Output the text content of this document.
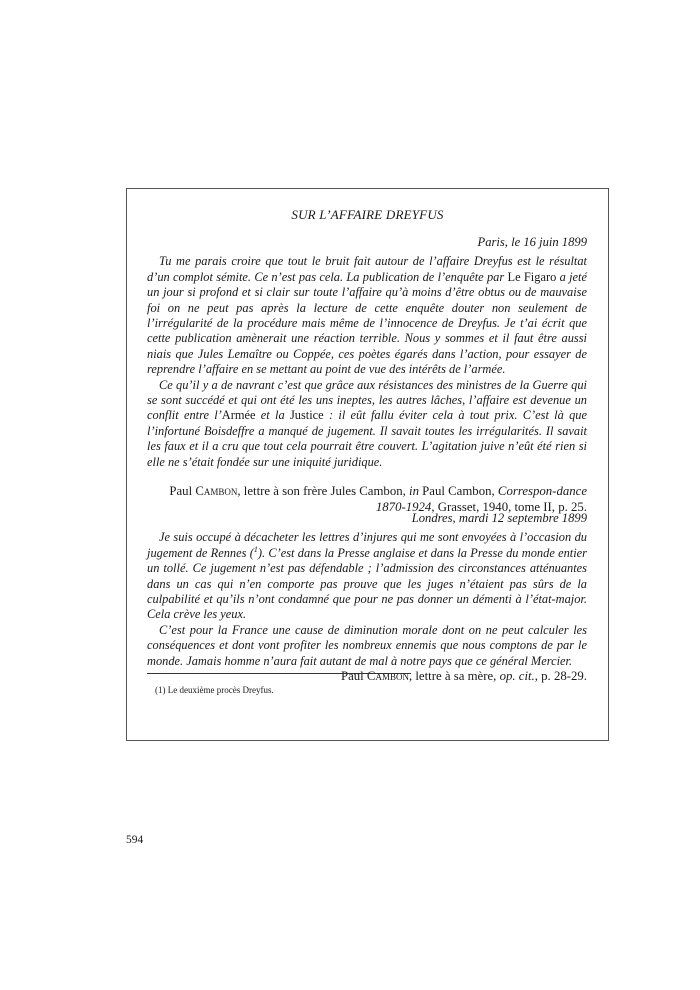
SUR L’AFFAIRE DREYFUS
Paris, le 16 juin 1899

Tu me parais croire que tout le bruit fait autour de l’affaire Dreyfus est le résultat d’un complot sémite. Ce n’est pas cela. La publication de l’enquête par Le Figaro a jeté un jour si profond et si clair sur toute l’affaire qu’à moins d’être obtus ou de mauvaise foi on ne peut pas après la lecture de cette enquête douter non seulement de l’irrégularité de la procédure mais même de l’innocence de Dreyfus. Je t’ai écrit que cette publication amènerait une réaction terrible. Nous y sommes et il faut être aussi niais que Jules Lemaître ou Coppée, ces poètes égarés dans l’action, pour essayer de reprendre l’affaire en se mettant au point de vue des intérêts de l’armée.

Ce qu’il y a de navrant c’est que grâce aux résistances des ministres de la Guerre qui se sont succédé et qui ont été les uns ineptes, les autres lâches, l’affaire est devenue un conflit entre l’Armée et la Justice : il eût fallu éviter cela à tout prix. C’est là que l’infortuné Boisdeffre a manqué de jugement. Il savait toutes les irrégularités. Il savait les faux et il a cru que tout cela pourrait être couvert. L’agitation juive n’eût été rien si elle ne s’était fondée sur une iniquité juridique.

Paul Cambon, lettre à son frère Jules Cambon, in Paul Cambon, Correspon-dance 1870-1924, Grasset, 1940, tome II, p. 25.
Londres, mardi 12 septembre 1899

Je suis occupé à décacheter les lettres d’injures qui me sont envoyées à l’occasion du jugement de Rennes ($^1$). C’est dans la Presse anglaise et dans la Presse du monde entier un tollé. Ce jugement n’est pas défendable ; l’admission des circonstances atténuantes dans un cas qui n’en comporte pas prouve que les juges n’étaient pas sûrs de la culpabilité et qu’ils n’ont condamné que pour ne pas donner un démenti à l’état-major. Cela crève les yeux.

C’est pour la France une cause de diminution morale dont on ne peut calculer les conséquences et dont vont profiter les nombreux ennemis que nous comptons de par le monde. Jamais homme n’aura fait autant de mal à notre pays que ce général Mercier.

Paul Cambon, lettre à sa mère, op. cit., p. 28-29.
(1) Le deuxième procès Dreyfus.
594
